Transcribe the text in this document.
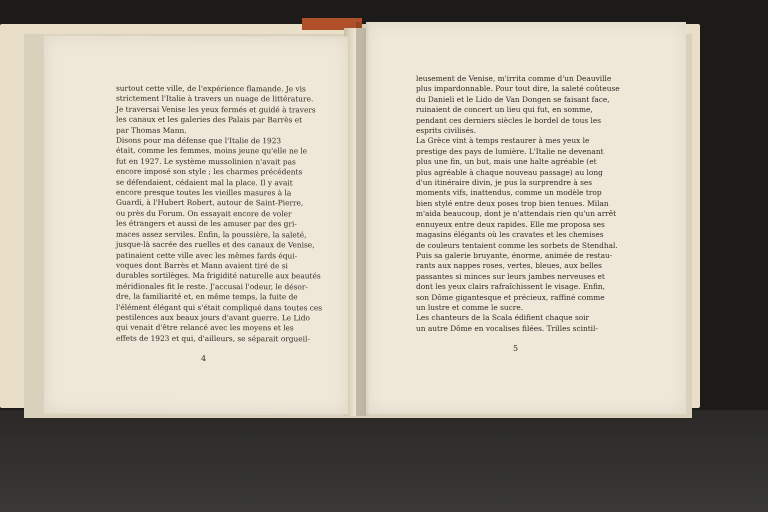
surtout cette ville, de l'expérience flamande. Je vis
strictement l'Italie à travers un nuage de littérature.
Je traversai Venise les yeux fermés et guidé à travers
les canaux et les galeries des Palais par Barrès et
par Thomas Mann.
Disons pour ma défense que l'Italie de 1923
était, comme les femmes, moins jeune qu'elle ne le
fut en 1927. Le système mussolinien n'avait pas
encore imposé son style ; les charmes précédents
se défendaient, cédaient mal la place. Il y avait
encore presque toutes les vieilles masures à la
Guardi, à l'Hubert Robert, autour de Saint-Pierre,
ou près du Forum. On essayait encore de voler
les étrangers et aussi de les amuser par des gri-
maces assez serviles. Enfin, la poussière, la saleté,
jusque-là sacrée des ruelles et des canaux de Venise,
patinaient cette ville avec les mêmes fards équi-
voques dont Barrès et Mann avaient tiré de si
durables sortilèges. Ma frigidité naturelle aux beautés
méridionales fit le reste. J'accusai l'odeur, le désor-
dre, la familiarité et, en même temps, la fuite de
l'élément élégant qui s'était compliqué dans toutes ces
pestilences aux beaux jours d'avant guerre. Le Lido
qui venait d'être relancé avec les moyens et les
effets de 1923 et qui, d'ailleurs, se séparait orgueil-

4

leusement de Venise, m'irrita comme d'un Deauville
plus impardonnable. Pour tout dire, la saleté coûteuse
du Danieli et le Lido de Van Dongen se faisant face,
ruinaient de concert un lieu qui fut, en somme,
pendant ces derniers siècles le bordel de tous les
esprits civilisés.
La Grèce vint à temps restaurer à mes yeux le
prestige des pays de lumière. L'Italie ne devenant
plus une fin, un but, mais une halte agréable (et
plus agréable à chaque nouveau passage) au long
d'un itinéraire divin, je pus la surprendre à ses
moments vifs, inattendus, comme un modèle trop
bien stylé entre deux poses trop bien tenues. Milan
m'aida beaucoup, dont je n'attendais rien qu'un arrêt
ennuyeux entre deux rapides. Elle me proposa ses
magasins élégants où les cravates et les chemises
de couleurs tentaient comme les sorbets de Stendhal.
Puis sa galerie bruyante, énorme, animée de restau-
rants aux nappes roses, vertes, bleues, aux belles
passantes si minces sur leurs jambes nerveuses et
dont les yeux clairs rafraîchissent le visage. Enfin,
son Dôme gigantesque et précieux, raffiné comme
un lustre et comme le sucre.
Les chanteurs de la Scala édifient chaque soir
un autre Dôme en vocalises filées. Trilles scintil-

5
